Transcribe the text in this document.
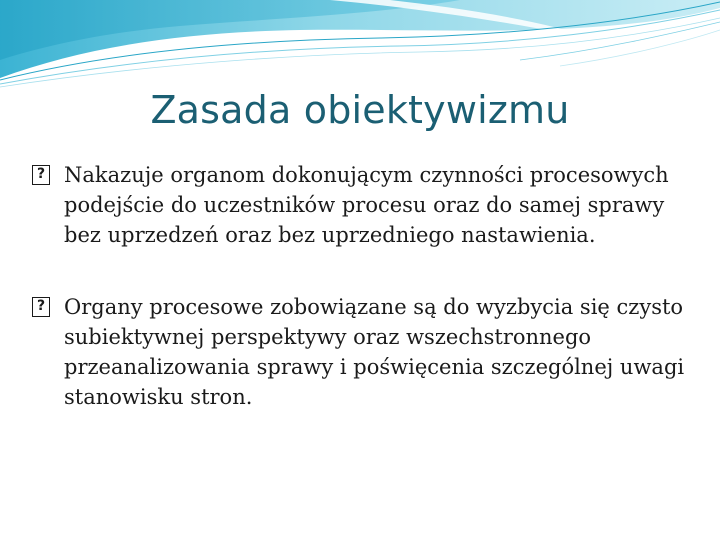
Zasada obiektywizmu
?
Nakazuje organom dokonującym czynności procesowych podejście do uczestników procesu oraz do samej sprawy bez uprzedzeń oraz bez uprzedniego nastawienia.
?
Organy procesowe zobowiązane są do wyzbycia się czysto subiektywnej perspektywy oraz wszechstronnego przeanalizowania sprawy i poświęcenia szczególnej uwagi stanowisku stron.
